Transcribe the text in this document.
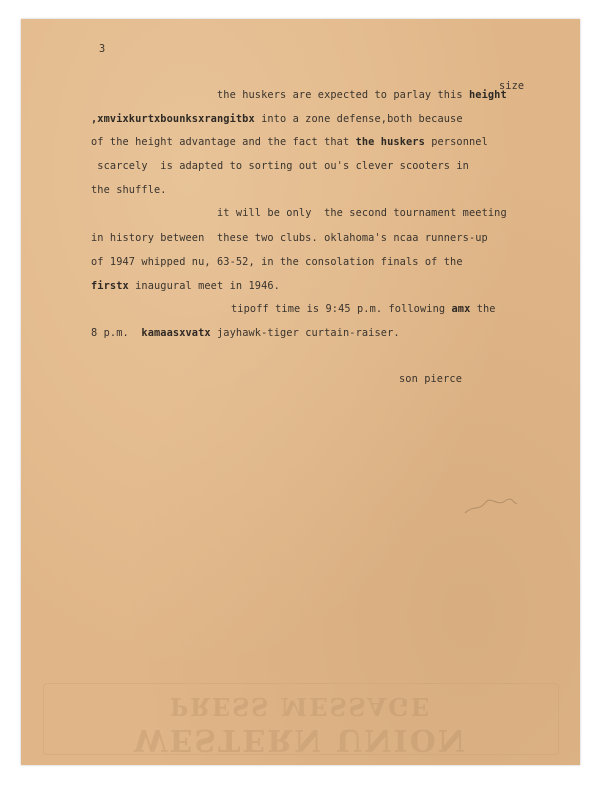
3

size

the huskers are expected to parlay this height

,xmvixkurtxbounksxrangitbx into a zone defense,both because

of the height advantage and the fact that the huskers personnel

scarcely  is adapted to sorting out ou's clever scooters in

the shuffle.

it will be only  the second tournament meeting

in history between  these two clubs. oklahoma's ncaa runners-up

of 1947 whipped nu, 63-52, in the consolation finals of the

firstx inaugural meet in 1946.

tipoff time is 9:45 p.m. following amx the

8 p.m.  kamaasxvatx jayhawk-tiger curtain-raiser.

son pierce

PRESS MESSAGE
WESTERN UNION
